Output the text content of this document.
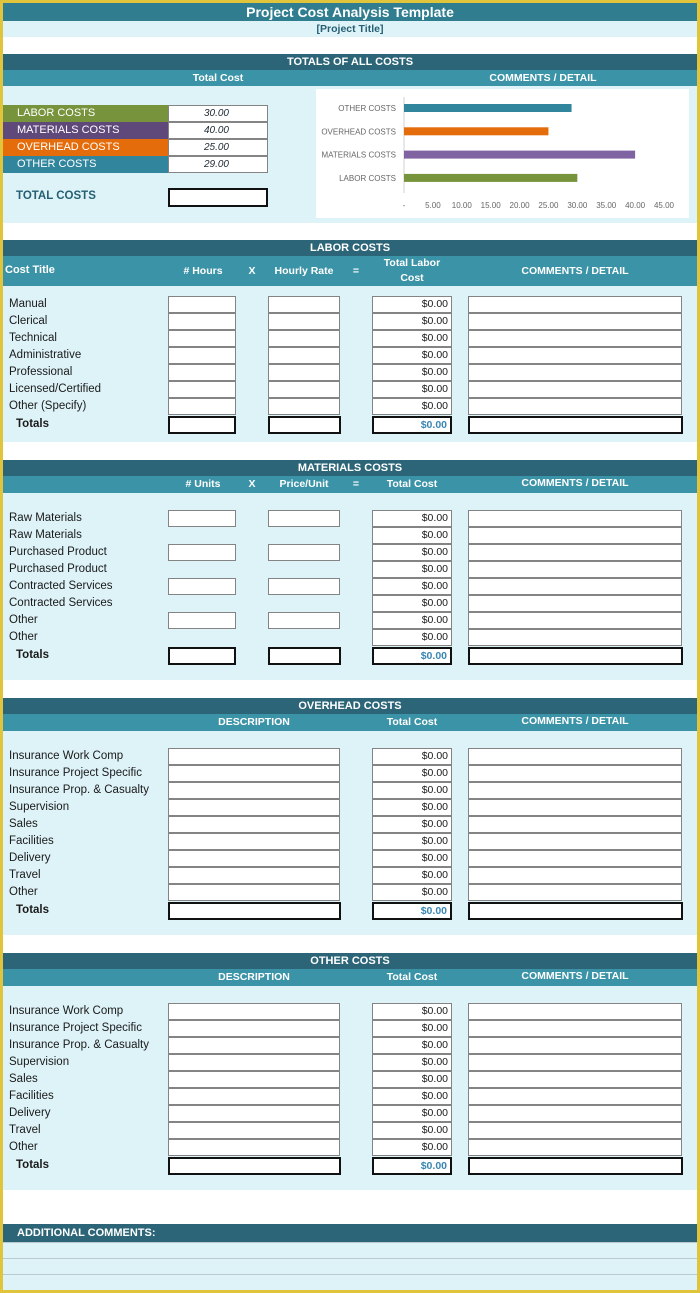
Project Cost Analysis Template
[Project Title]
TOTALS OF ALL COSTS
Total Cost	COMMENTS / DETAIL
LABOR COSTS	30.00
MATERIALS COSTS	40.00
OVERHEAD COSTS	25.00
OTHER COSTS	29.00
TOTAL COSTS
OTHER COSTS
OVERHEAD COSTS
MATERIALS COSTS
LABOR COSTS
- 5.00 10.00 15.00 20.00 25.00 30.00 35.00 40.00 45.00
LABOR COSTS
Cost Title	# Hours	X	Hourly Rate	=
Total Labor
Cost
COMMENTS / DETAIL
Manual	$0.00
Clerical	$0.00
Technical	$0.00
Administrative	$0.00
Professional	$0.00
Licensed/Certified	$0.00
Other (Specify)	$0.00
Totals	$0.00
MATERIALS COSTS
# Units	X	Price/Unit	=	Total Cost	COMMENTS / DETAIL
Raw Materials	$0.00
Raw Materials	$0.00
Purchased Product	$0.00
Purchased Product	$0.00
Contracted Services	$0.00
Contracted Services	$0.00
Other	$0.00
Other	$0.00
Totals	$0.00
OVERHEAD COSTS
DESCRIPTION	Total Cost	COMMENTS / DETAIL
Insurance Work Comp	$0.00
Insurance Project Specific	$0.00
Insurance Prop. & Casualty	$0.00
Supervision	$0.00
Sales	$0.00
Facilities	$0.00
Delivery	$0.00
Travel	$0.00
Other	$0.00
Totals	$0.00
OTHER COSTS
DESCRIPTION	Total Cost	COMMENTS / DETAIL
Insurance Work Comp	$0.00
Insurance Project Specific	$0.00
Insurance Prop. & Casualty	$0.00
Supervision	$0.00
Sales	$0.00
Facilities	$0.00
Delivery	$0.00
Travel	$0.00
Other	$0.00
Totals	$0.00
ADDITIONAL COMMENTS:
